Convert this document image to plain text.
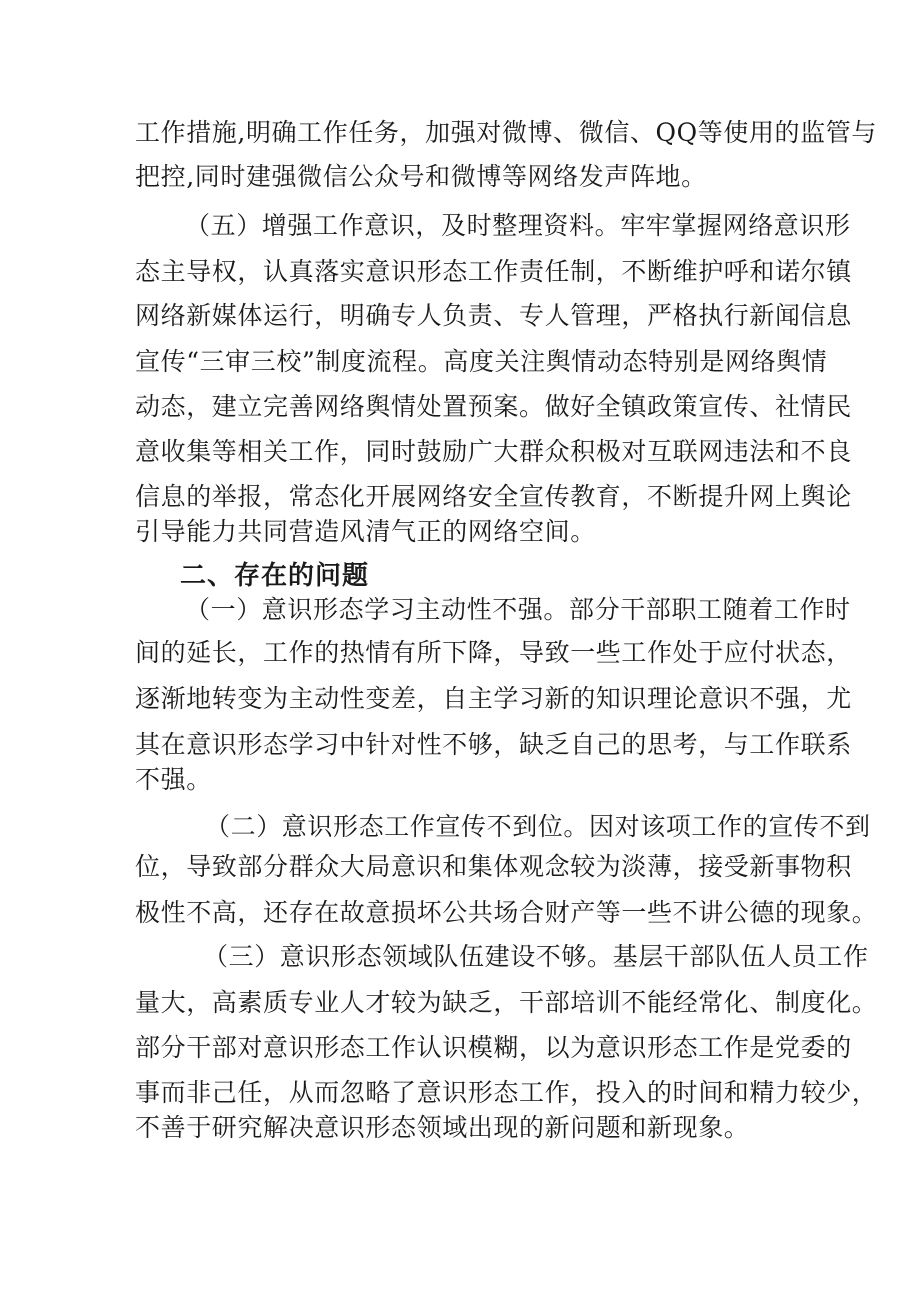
工作措施,明确工作任务，加强对微博、微信、QQ等使用的监管与

把控,同时建强微信公众号和微博等网络发声阵地。

（五）增强工作意识，及时整理资料。牢牢掌握网络意识形

态主导权，认真落实意识形态工作责任制，不断维护呼和诺尔镇

网络新媒体运行，明确专人负责、专人管理，严格执行新闻信息

宣传“三审三校”制度流程。高度关注舆情动态特别是网络舆情

动态，建立完善网络舆情处置预案。做好全镇政策宣传、社情民

意收集等相关工作，同时鼓励广大群众积极对互联网违法和不良

信息的举报，常态化开展网络安全宣传教育，不断提升网上舆论

引导能力共同营造风清气正的网络空间。

二、存在的问题

（一）意识形态学习主动性不强。部分干部职工随着工作时

间的延长，工作的热情有所下降，导致一些工作处于应付状态，

逐渐地转变为主动性变差，自主学习新的知识理论意识不强，尤

其在意识形态学习中针对性不够，缺乏自己的思考，与工作联系

不强。

（二）意识形态工作宣传不到位。因对该项工作的宣传不到

位，导致部分群众大局意识和集体观念较为淡薄，接受新事物积

极性不高，还存在故意损坏公共场合财产等一些不讲公德的现象。

（三）意识形态领域队伍建设不够。基层干部队伍人员工作

量大，高素质专业人才较为缺乏，干部培训不能经常化、制度化。

部分干部对意识形态工作认识模糊，以为意识形态工作是党委的

事而非己任，从而忽略了意识形态工作，投入的时间和精力较少，

不善于研究解决意识形态领域出现的新问题和新现象。
